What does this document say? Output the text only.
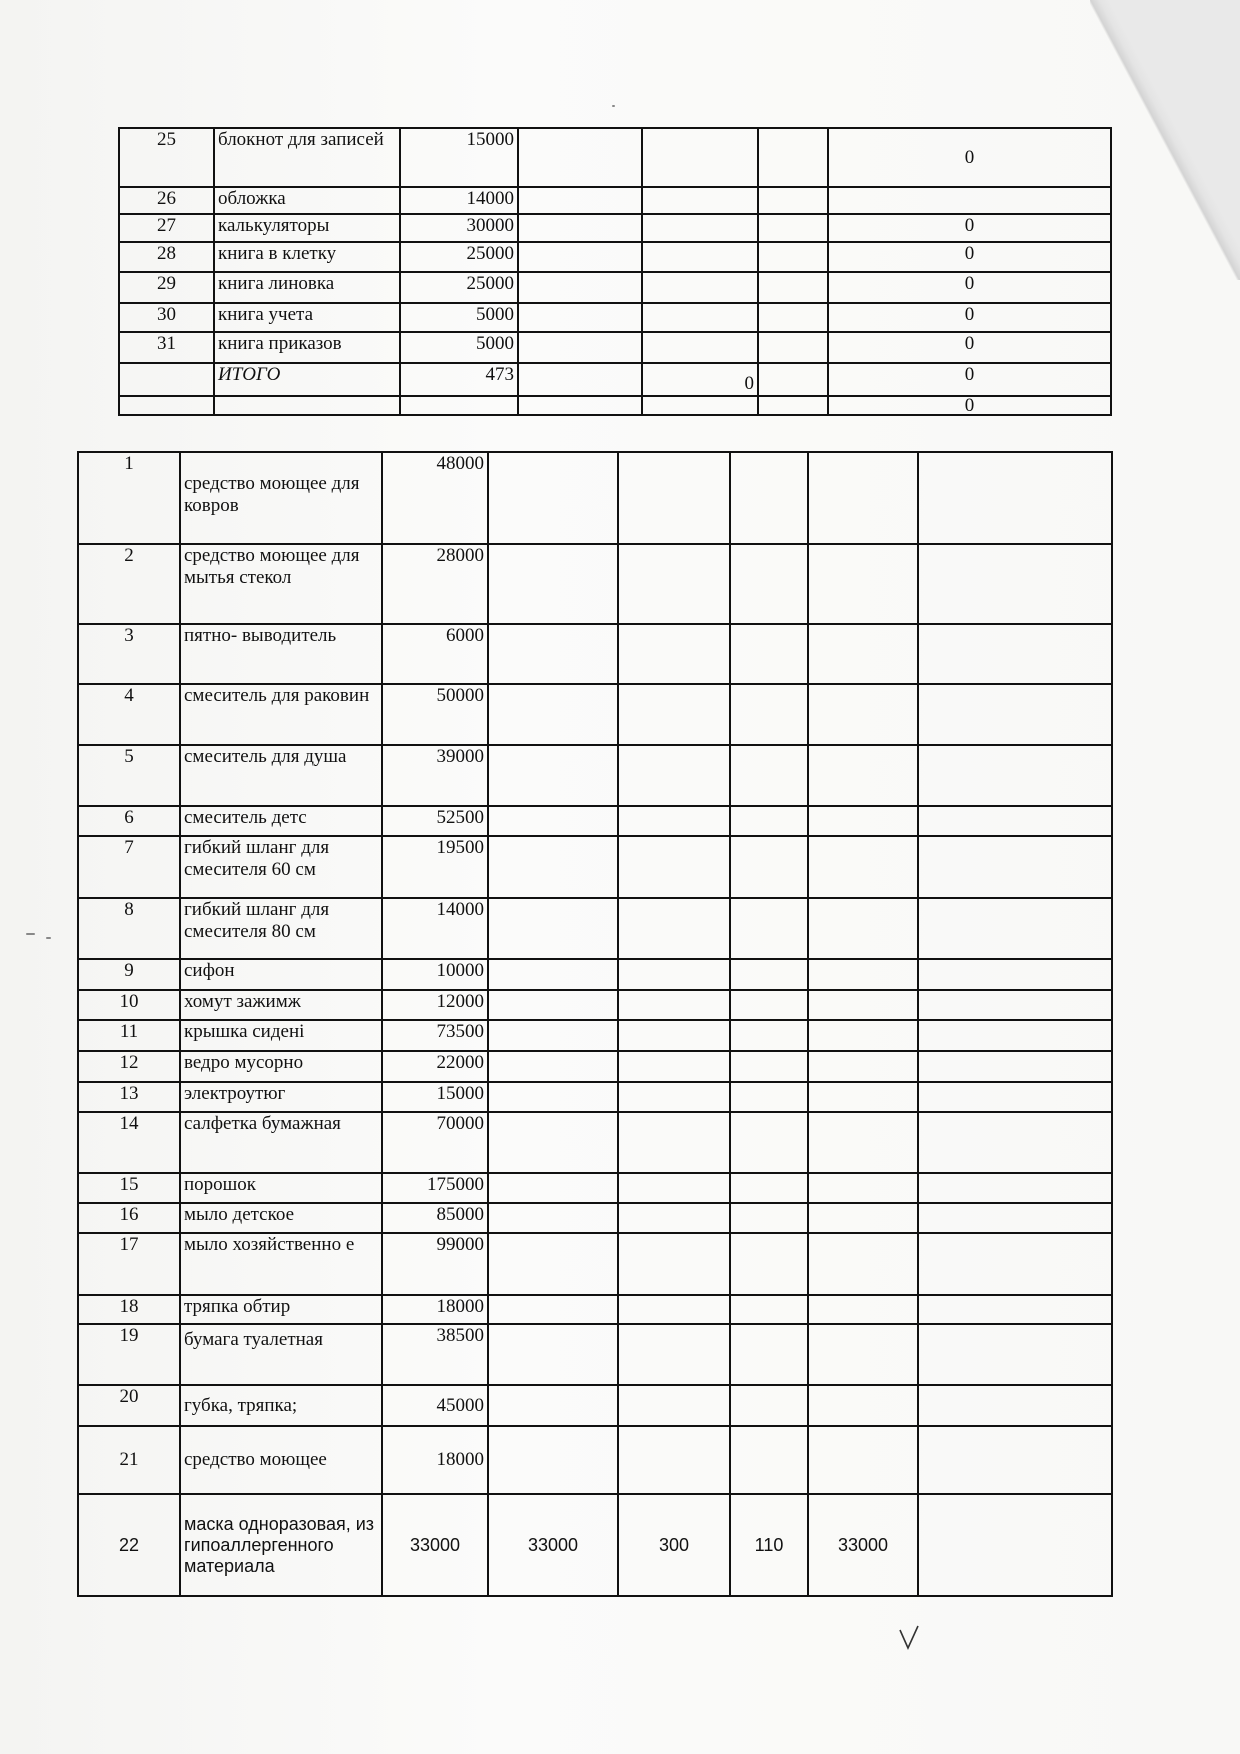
25	блокнот для записей	15000				0
26	обложка	14000				
27	калькуляторы	30000				0
28	книга в клетку	25000				0
29	книга линовка	25000				0
30	книга учета	5000				0
31	книга приказов	5000				0
	ИТОГО	473		0		0
						0
1	средство моющее для ковров	48000					
2	средство моющее для мытья стекол	28000					
3	пятно- выводитель	6000					
4	смеситель для раковин	50000					
5	смеситель для душа	39000					
6	смеситель детс	52500					
7	гибкий шланг для смесителя 60 см	19500					
8	гибкий шланг для смесителя 80 см	14000					
9	сифон	10000					
10	хомут зажимж	12000					
11	крышка сидені	73500					
12	ведро мусорно	22000					
13	электроутюг	15000					
14	салфетка бумажная	70000					
15	порошок	175000					
16	мыло детское	85000					
17	мыло хозяйственно е	99000					
18	тряпка обтир	18000					
19	бумага туалетная	38500					
20	губка, тряпка;	45000					
21	средство моющее	18000					
22	маска одноразовая, из гипоаллергенного материала	33000	33000	300	110	33000	
